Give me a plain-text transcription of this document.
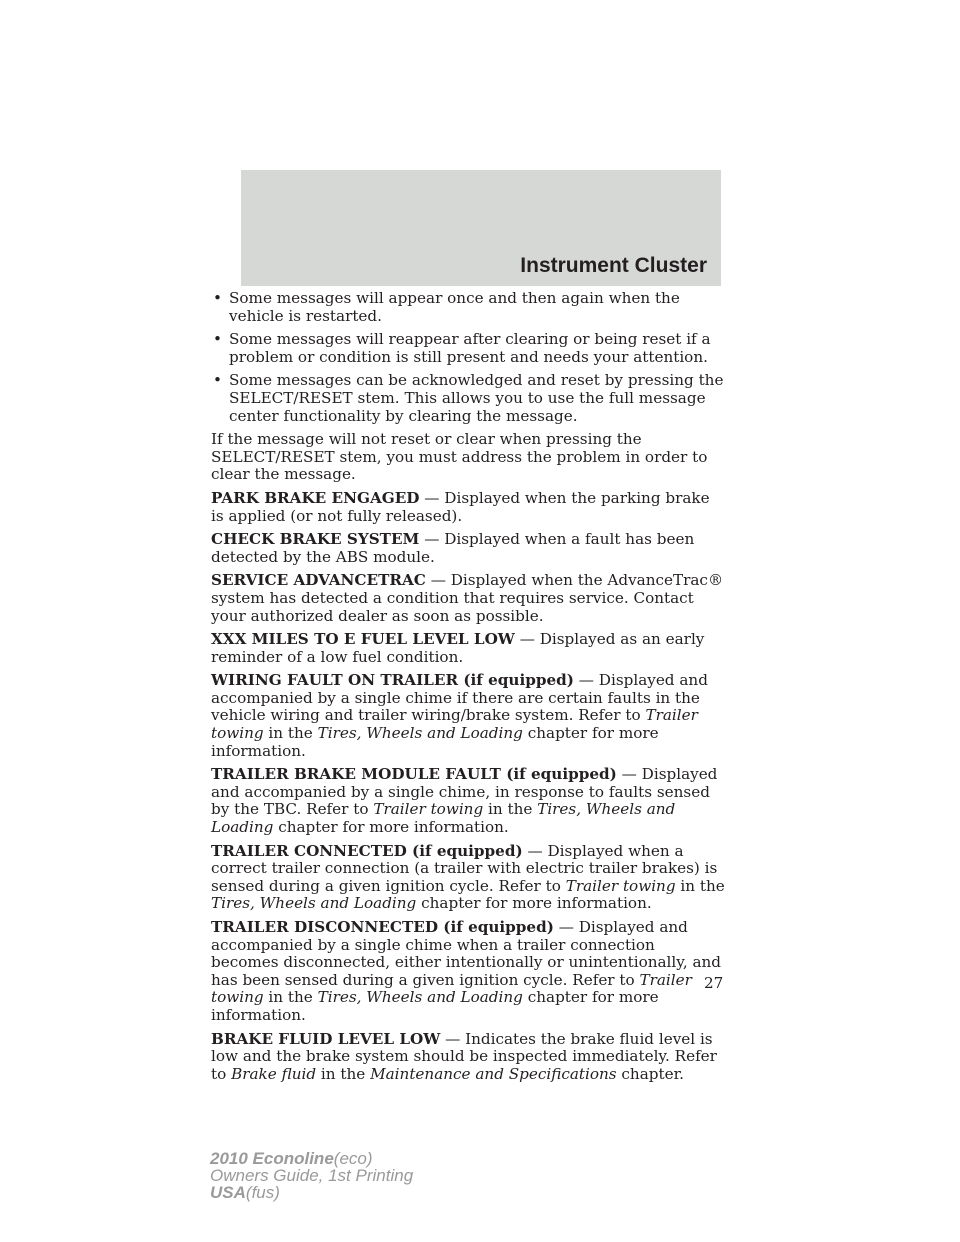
Instrument Cluster
• Some messages will appear once and then again when the vehicle is restarted.
• Some messages will reappear after clearing or being reset if a problem or condition is still present and needs your attention.
• Some messages can be acknowledged and reset by pressing the SELECT/RESET stem. This allows you to use the full message center functionality by clearing the message.

If the message will not reset or clear when pressing the SELECT/RESET stem, you must address the problem in order to clear the message.

PARK BRAKE ENGAGED — Displayed when the parking brake is applied (or not fully released).

CHECK BRAKE SYSTEM — Displayed when a fault has been detected by the ABS module.

SERVICE ADVANCETRAC — Displayed when the AdvanceTrac® system has detected a condition that requires service. Contact your authorized dealer as soon as possible.

XXX MILES TO E FUEL LEVEL LOW — Displayed as an early reminder of a low fuel condition.

WIRING FAULT ON TRAILER (if equipped) — Displayed and accompanied by a single chime if there are certain faults in the vehicle wiring and trailer wiring/brake system. Refer to Trailer towing in the Tires, Wheels and Loading chapter for more information.

TRAILER BRAKE MODULE FAULT (if equipped) — Displayed and accompanied by a single chime, in response to faults sensed by the TBC. Refer to Trailer towing in the Tires, Wheels and Loading chapter for more information.

TRAILER CONNECTED (if equipped) — Displayed when a correct trailer connection (a trailer with electric trailer brakes) is sensed during a given ignition cycle. Refer to Trailer towing in the Tires, Wheels and Loading chapter for more information.

TRAILER DISCONNECTED (if equipped) — Displayed and accompanied by a single chime when a trailer connection becomes disconnected, either intentionally or unintentionally, and has been sensed during a given ignition cycle. Refer to Trailer towing in the Tires, Wheels and Loading chapter for more information.

BRAKE FLUID LEVEL LOW — Indicates the brake fluid level is low and the brake system should be inspected immediately. Refer to Brake fluid in the Maintenance and Specifications chapter.

27
2010 Econoline(eco)
Owners Guide, 1st Printing
USA(fus)
